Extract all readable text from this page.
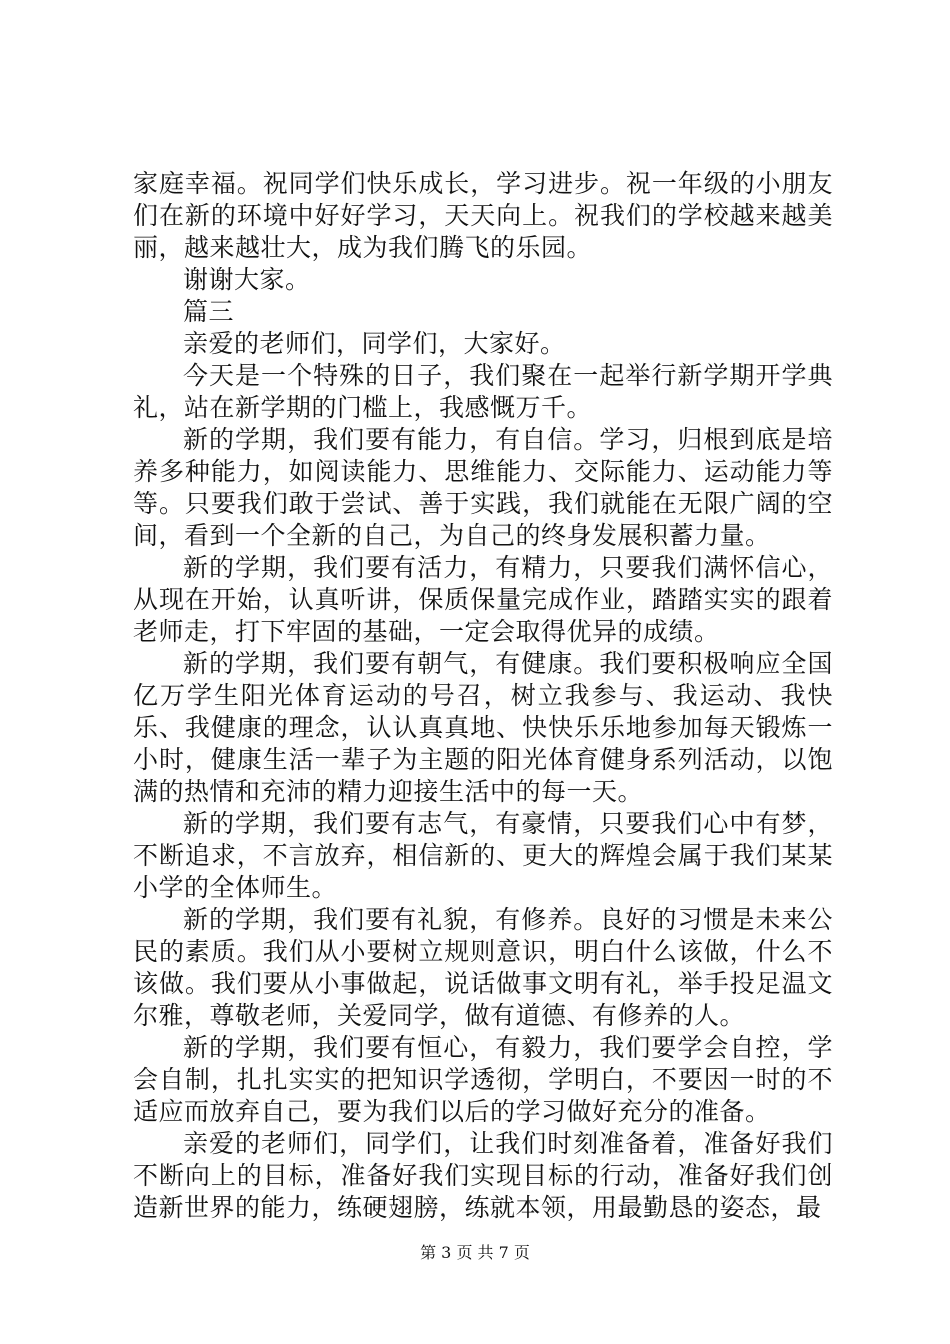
家庭幸福。祝同学们快乐成长，学习进步。祝一年级的小朋友们在新的环境中好好学习，天天向上。祝我们的学校越来越美丽，越来越壮大，成为我们腾飞的乐园。

谢谢大家。

篇三

亲爱的老师们，同学们，大家好。

今天是一个特殊的日子，我们聚在一起举行新学期开学典礼，站在新学期的门槛上，我感慨万千。

新的学期，我们要有能力，有自信。学习，归根到底是培养多种能力，如阅读能力、思维能力、交际能力、运动能力等等。只要我们敢于尝试、善于实践，我们就能在无限广阔的空间，看到一个全新的自己，为自己的终身发展积蓄力量。

新的学期，我们要有活力，有精力，只要我们满怀信心，从现在开始，认真听讲，保质保量完成作业，踏踏实实的跟着老师走，打下牢固的基础，一定会取得优异的成绩。

新的学期，我们要有朝气，有健康。我们要积极响应全国亿万学生阳光体育运动的号召，树立我参与、我运动、我快乐、我健康的理念，认认真真地、快快乐乐地参加每天锻炼一小时，健康生活一辈子为主题的阳光体育健身系列活动，以饱满的热情和充沛的精力迎接生活中的每一天。

新的学期，我们要有志气，有豪情，只要我们心中有梦，不断追求，不言放弃，相信新的、更大的辉煌会属于我们某某小学的全体师生。

新的学期，我们要有礼貌，有修养。良好的习惯是未来公民的素质。我们从小要树立规则意识，明白什么该做，什么不该做。我们要从小事做起，说话做事文明有礼，举手投足温文尔雅，尊敬老师，关爱同学，做有道德、有修养的人。

新的学期，我们要有恒心，有毅力，我们要学会自控，学会自制，扎扎实实的把知识学透彻，学明白，不要因一时的不适应而放弃自己，要为我们以后的学习做好充分的准备。

亲爱的老师们，同学们，让我们时刻准备着，准备好我们不断向上的目标，准备好我们实现目标的行动，准备好我们创造新世界的能力，练硬翅膀，练就本领，用最勤恳的姿态，最

第 3 页 共 7 页
